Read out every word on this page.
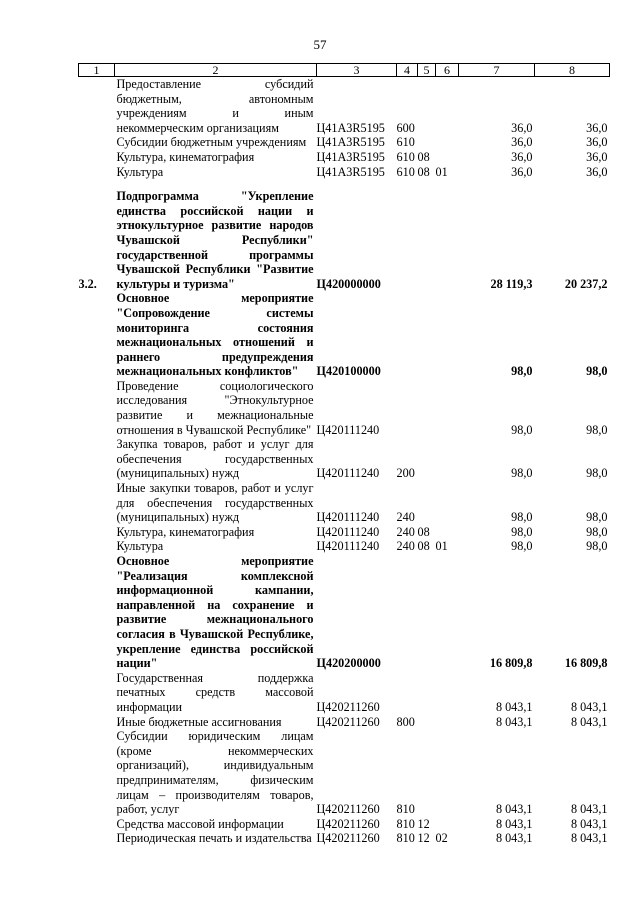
57
1	2	3	4	5	6	7	8
	Предоставление субсидий бюджетным, автономным учреждениям и иным некоммерческим организациям	Ц41А3R5195	600			36,0	36,0
	Субсидии бюджетным учреждениям	Ц41А3R5195	610			36,0	36,0
	Культура, кинематография	Ц41А3R5195	610	08		36,0	36,0
	Культура	Ц41А3R5195	610	08	01	36,0	36,0

3.2.	Подпрограмма "Укрепление единства российской нации и этнокультурное развитие народов Чувашской Республики" государственной программы Чувашской Республики "Развитие культуры и туризма"	Ц420000000				28 119,3	20 237,2
	Основное мероприятие "Сопровождение системы мониторинга состояния межнациональных отношений и раннего предупреждения межнациональных конфликтов"	Ц420100000				98,0	98,0
	Проведение социологического исследования "Этнокультурное развитие и межнациональные отношения в Чувашской Республике"	Ц420111240				98,0	98,0
	Закупка товаров, работ и услуг для обеспечения государственных (муниципальных) нужд	Ц420111240	200			98,0	98,0
	Иные закупки товаров, работ и услуг для обеспечения государственных (муниципальных) нужд	Ц420111240	240			98,0	98,0
	Культура, кинематография	Ц420111240	240	08		98,0	98,0
	Культура	Ц420111240	240	08	01	98,0	98,0
	Основное мероприятие "Реализация комплексной информационной кампании, направленной на сохранение и развитие межнационального согласия в Чувашской Республике, укрепление единства российской нации"	Ц420200000				16 809,8	16 809,8
	Государственная поддержка печатных средств массовой информации	Ц420211260				8 043,1	8 043,1
	Иные бюджетные ассигнования	Ц420211260	800			8 043,1	8 043,1
	Субсидии юридическим лицам (кроме некоммерческих организаций), индивидуальным предпринимателям, физическим лицам – производителям товаров, работ, услуг	Ц420211260	810			8 043,1	8 043,1
	Средства массовой информации	Ц420211260	810	12		8 043,1	8 043,1
	Периодическая печать и издательства	Ц420211260	810	12	02	8 043,1	8 043,1
